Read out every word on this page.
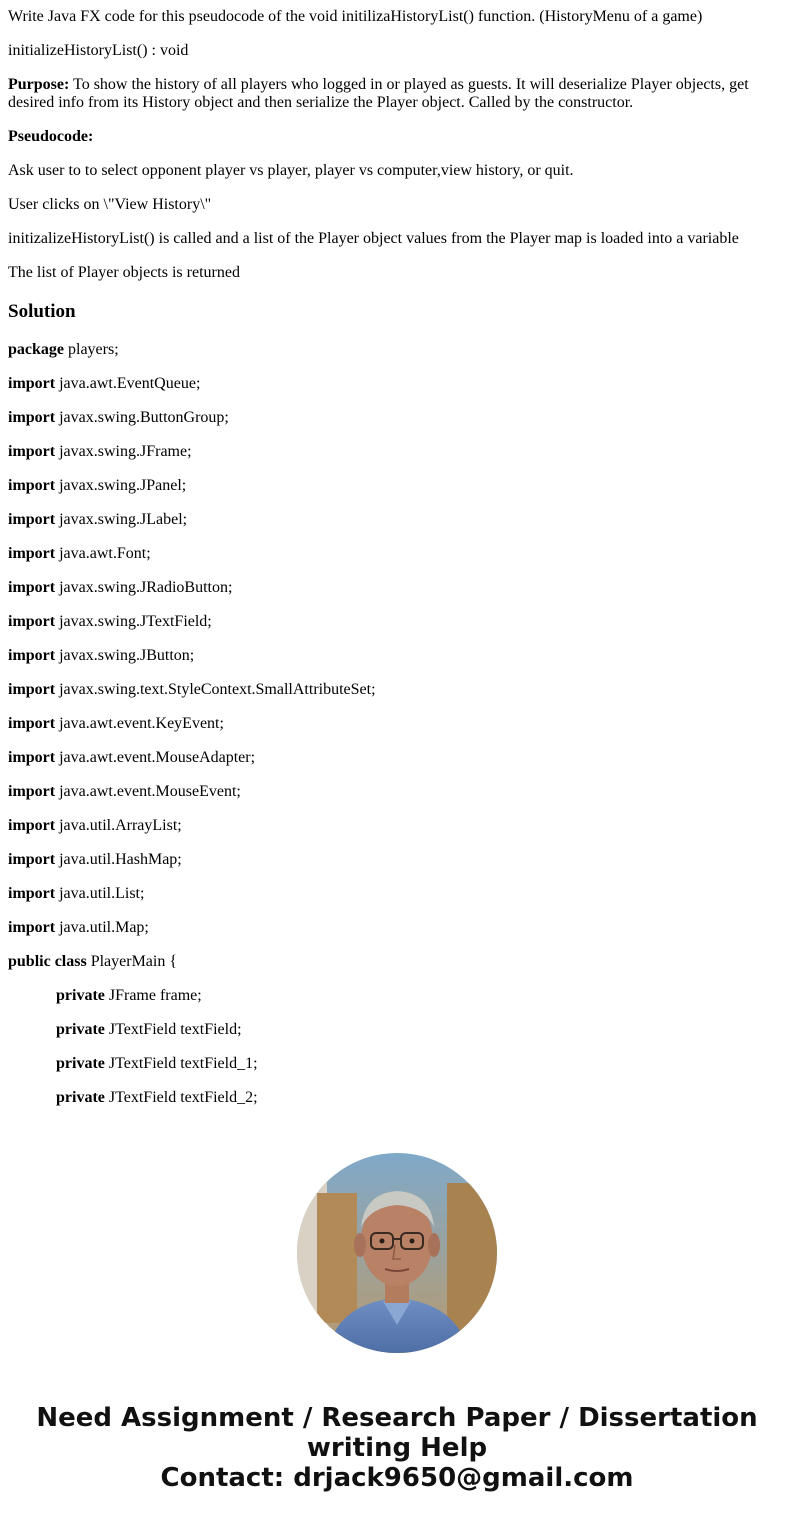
Write Java FX code for this pseudocode of the void initilizaHistoryList() function. (HistoryMenu of a game)

initializeHistoryList() : void

Purpose: To show the history of all players who logged in or played as guests. It will deserialize Player objects, get desired info from its History object and then serialize the Player object. Called by the constructor.

Pseudocode:

Ask user to to select opponent player vs player, player vs computer,view history, or quit.

User clicks on \"View History\"

initizalizeHistoryList() is called and a list of the Player object values from the Player map is loaded into a variable

The list of Player objects is returned

Solution

package players;

import java.awt.EventQueue;

import javax.swing.ButtonGroup;

import javax.swing.JFrame;

import javax.swing.JPanel;

import javax.swing.JLabel;

import java.awt.Font;

import javax.swing.JRadioButton;

import javax.swing.JTextField;

import javax.swing.JButton;

import javax.swing.text.StyleContext.SmallAttributeSet;

import java.awt.event.KeyEvent;

import java.awt.event.MouseAdapter;

import java.awt.event.MouseEvent;

import java.util.ArrayList;

import java.util.HashMap;

import java.util.List;

import java.util.Map;

public class PlayerMain {

private JFrame frame;

private JTextField textField;

private JTextField textField_1;

private JTextField textField_2;

Need Assignment / Research Paper / Dissertation
writing Help
Contact: drjack9650@gmail.com
